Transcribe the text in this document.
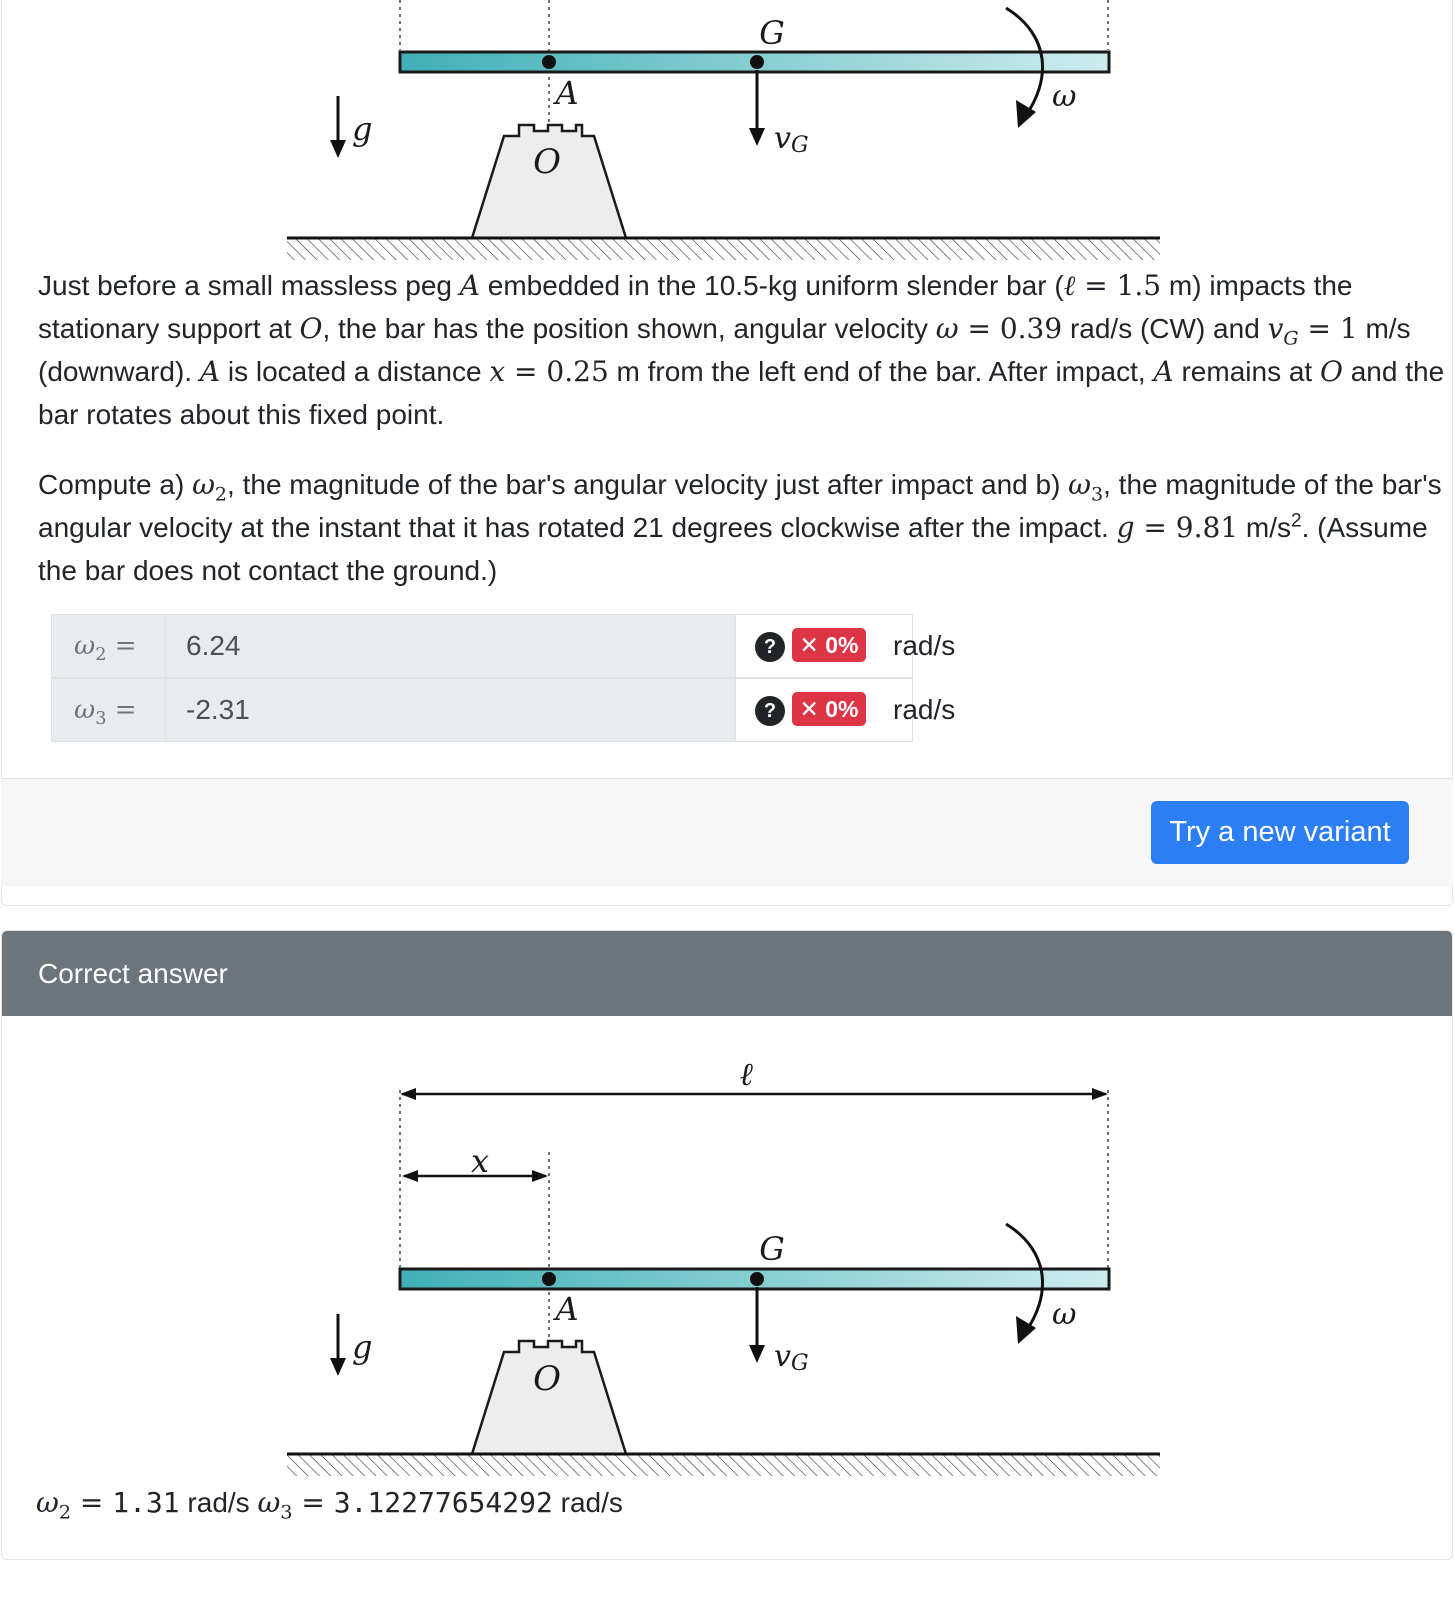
G
A
vG
g
ω
O

Just before a small massless peg A embedded in the 10.5-kg uniform slender bar (ℓ = 1.5 m) impacts the stationary support at O, the bar has the position shown, angular velocity ω = 0.39 rad/s (CW) and $v_G = 1$ m/s (downward). A is located a distance x = 0.25 m from the left end of the bar. After impact, A remains at O and the bar rotates about this fixed point.

Compute a) $\omega_2$, the magnitude of the bar's angular velocity just after impact and b) $\omega_3$, the magnitude of the bar's angular velocity at the instant that it has rotated 21 degrees clockwise after the impact. g = 9.81 $m/s^2$. (Assume the bar does not contact the ground.)

$\omega_2$ =	6.24	?	✕ 0% rad/s
$\omega_3$ =	-2.31	?	✕ 0% rad/s
Try a new variant
Correct answer
ℓ
x
G
A
vG
g
ω
O
$\omega_2 = 1.31$ rad/s $\omega_3 = 3.12277654292$ rad/s
